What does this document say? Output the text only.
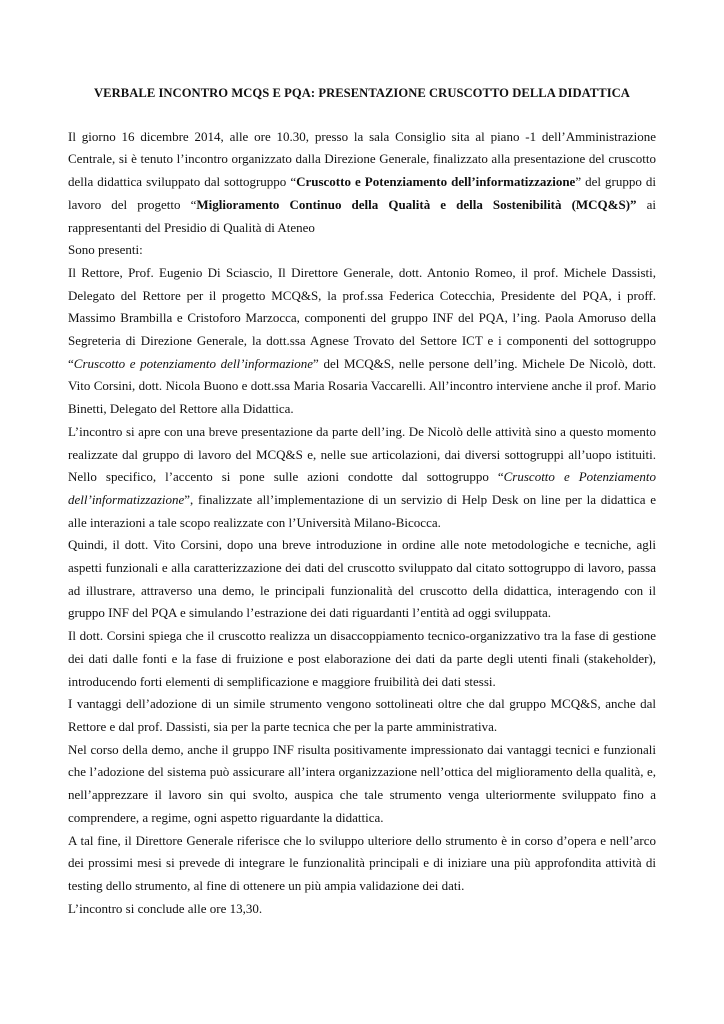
VERBALE INCONTRO MCQS E PQA: PRESENTAZIONE CRUSCOTTO DELLA DIDATTICA

Il giorno 16 dicembre 2014, alle ore 10.30, presso la sala Consiglio sita al piano -1 dell’Amministrazione Centrale, si è tenuto l’incontro organizzato dalla Direzione Generale, finalizzato alla presentazione del cruscotto della didattica sviluppato dal sottogruppo “Cruscotto e Potenziamento dell’informatizzazione” del gruppo di lavoro del progetto “Miglioramento Continuo della Qualità e della Sostenibilità (MCQ&S)” ai rappresentanti del Presidio di Qualità di Ateneo

Sono presenti:

Il Rettore, Prof. Eugenio Di Sciascio, Il Direttore Generale, dott. Antonio Romeo, il prof. Michele Dassisti, Delegato del Rettore per il progetto MCQ&S, la prof.ssa Federica Cotecchia, Presidente del PQA, i proff. Massimo Brambilla e Cristoforo Marzocca, componenti del gruppo INF del PQA, l’ing. Paola Amoruso della Segreteria di Direzione Generale, la dott.ssa Agnese Trovato del Settore ICT e i componenti del sottogruppo “Cruscotto e potenziamento dell’informazione” del MCQ&S, nelle persone dell’ing. Michele De Nicolò, dott. Vito Corsini, dott. Nicola Buono e dott.ssa Maria Rosaria Vaccarelli. All’incontro interviene anche il prof. Mario Binetti, Delegato del Rettore alla Didattica.

L’incontro si apre con una breve presentazione da parte dell’ing. De Nicolò delle attività sino a questo momento realizzate dal gruppo di lavoro del MCQ&S e, nelle sue articolazioni, dai diversi sottogruppi all’uopo istituiti. Nello specifico, l’accento si pone sulle azioni condotte dal sottogruppo “Cruscotto e Potenziamento dell’informatizzazione”, finalizzate all’implementazione di un servizio di Help Desk on line per la didattica e alle interazioni a tale scopo realizzate con l’Università Milano-Bicocca.

Quindi, il dott. Vito Corsini, dopo una breve introduzione in ordine alle note metodologiche e tecniche, agli aspetti funzionali e alla caratterizzazione dei dati del cruscotto sviluppato dal citato sottogruppo di lavoro, passa ad illustrare, attraverso una demo, le principali funzionalità del cruscotto della didattica, interagendo con il gruppo INF del PQA e simulando l’estrazione dei dati riguardanti l’entità ad oggi sviluppata.

Il dott. Corsini spiega che il cruscotto realizza un disaccoppiamento tecnico-organizzativo tra la fase di gestione dei dati dalle fonti e la fase di fruizione e post elaborazione dei dati da parte degli utenti finali (stakeholder), introducendo forti elementi di semplificazione e maggiore fruibilità dei dati stessi.

I vantaggi dell’adozione di un simile strumento vengono sottolineati oltre che dal gruppo MCQ&S, anche dal Rettore e dal prof. Dassisti, sia per la parte tecnica che per la parte amministrativa.

Nel corso della demo, anche il gruppo INF risulta positivamente impressionato dai vantaggi tecnici e funzionali che l’adozione del sistema può assicurare all’intera organizzazione nell’ottica del miglioramento della qualità, e, nell’apprezzare il lavoro sin qui svolto, auspica che tale strumento venga ulteriormente sviluppato fino a comprendere, a regime, ogni aspetto riguardante la didattica.

A tal fine, il Direttore Generale riferisce che lo sviluppo ulteriore dello strumento è in corso d’opera e nell’arco dei prossimi mesi si prevede di integrare le funzionalità principali e di iniziare una più approfondita attività di testing dello strumento, al fine di ottenere un più ampia validazione dei dati.

L’incontro si conclude alle ore 13,30.
